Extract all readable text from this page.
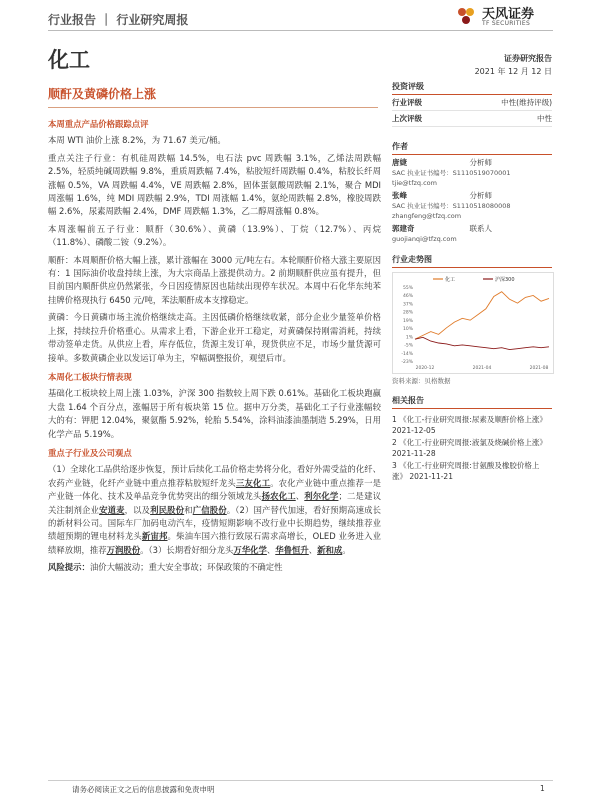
行业报告 ｜ 行业研究周报	天风证券
TF SECURITIES
化工	证券研究报告
2021 年 12 月 12 日
顺酐及黄磷价格上涨
本周重点产品价格跟踪点评

本周 WTI 油价上涨 8.2%，为 71.67 美元/桶。

重点关注子行业：有机硅周跌幅 14.5%，电石法 pvc 周跌幅 3.1%，乙烯法周跌幅 2.5%，轻质纯碱周跌幅 9.8%，重质周跌幅 7.4%，粘胶短纤周跌幅 0.4%，粘胶长纤周涨幅 0.5%，VA 周跌幅 4.4%，VE 周跌幅 2.8%，固体蛋氨酸周跌幅 2.1%，聚合 MDI 周涨幅 1.6%，纯 MDI 周跌幅 2.9%，TDI 周涨幅 1.4%，氨纶周跌幅 2.8%，橡胶周跌幅 2.6%，尿素周跌幅 2.4%，DMF 周跌幅 1.3%，乙二醇周涨幅 0.8%。

本周涨幅前五子行业：顺酐（30.6%）、黄磷（13.9%）、丁烷（12.7%）、丙烷（11.8%）、磷酸二铵（9.2%）。

顺酐：本周顺酐价格大幅上涨，累计涨幅在 3000 元/吨左右。本轮顺酐价格大涨主要原因有：1 国际油价收盘持续上涨，为大宗商品上涨提供动力。2 前期顺酐供应虽有提升，但目前国内顺酐供应仍然紧张，今日因疫情原因也陆续出现停车状况。本周中石化华东纯苯挂牌价格现执行 6450 元/吨，苯法顺酐成本支撑稳定。

黄磷：今日黄磷市场主流价格继续走高。主因低磷价格继续收紧，部分企业少量签单价格上探，持续拉升价格重心。从需求上看，下游企业开工稳定，对黄磷保持刚需消耗，持续带动签单走货。从供应上看，库存低位，货源主发订单，现货供应不足，市场少量货源可接单。多数黄磷企业以发运订单为主，窄幅调整报价，观望后市。

本周化工板块行情表现

基础化工板块较上周上涨 1.03%，沪深 300 指数较上周下跌 0.61%。基础化工板块跑赢大盘 1.64 个百分点，涨幅居于所有板块第 15 位。据申万分类，基础化工子行业涨幅较大的有：钾肥 12.04%，聚氨酯 5.92%，轮胎 5.54%，涂料油漆油墨制造 5.29%，日用化学产品 5.19%。

重点子行业及公司观点

（1）全球化工品供给逐步恢复，预计后续化工品价格走势将分化，看好外需受益的化纤、农药产业链，化纤产业链中重点推荐粘胶短纤龙头三友化工。农化产业链中重点推荐一是产业链一体化、技术及单品竞争优势突出的细分领域龙头扬农化工、利尔化学；二是建议关注制剂企业安道麦，以及利民股份和广信股份。（2）国产替代加速，看好预期高速成长的新材料公司。国际车厂加码电动汽车，疫情短期影响不改行业中长期趋势，继续推荐业绩超预期的锂电材料龙头新宙邦。柴油车国六推行致尿石需求高增长，OLED 业务进入业绩释放期，推荐万润股份。（3）长期看好细分龙头万华化学、华鲁恒升、新和成。

风险提示：油价大幅波动；重大安全事故；环保政策的不确定性

投资评级
行业评级	中性(维持评级)
上次评级	中性
作者
唐婕	分析师
SAC 执业证书编号：S1110519070001
tjie@tfzq.com
张峰	分析师
SAC 执业证书编号：S1110518080008
zhangfeng@tfzq.com
郭建奇	联系人
guojianqi@tfzq.com
行业走势图
55%
46%
37%
28%
19%
10%
1%
-5%
-14%
-23%
2020-12	2021-04	2021-08
化工	沪深300
资料来源：贝格数据
相关报告
1 《化工-行业研究周报:尿素及顺酐价格上涨》 2021-12-05
2 《化工-行业研究周报:液氯及烧碱价格上涨》 2021-11-28
3 《化工-行业研究周报:甘氨酸及橡胶价格上涨》 2021-11-21
请务必阅读正文之后的信息披露和免责申明	1
